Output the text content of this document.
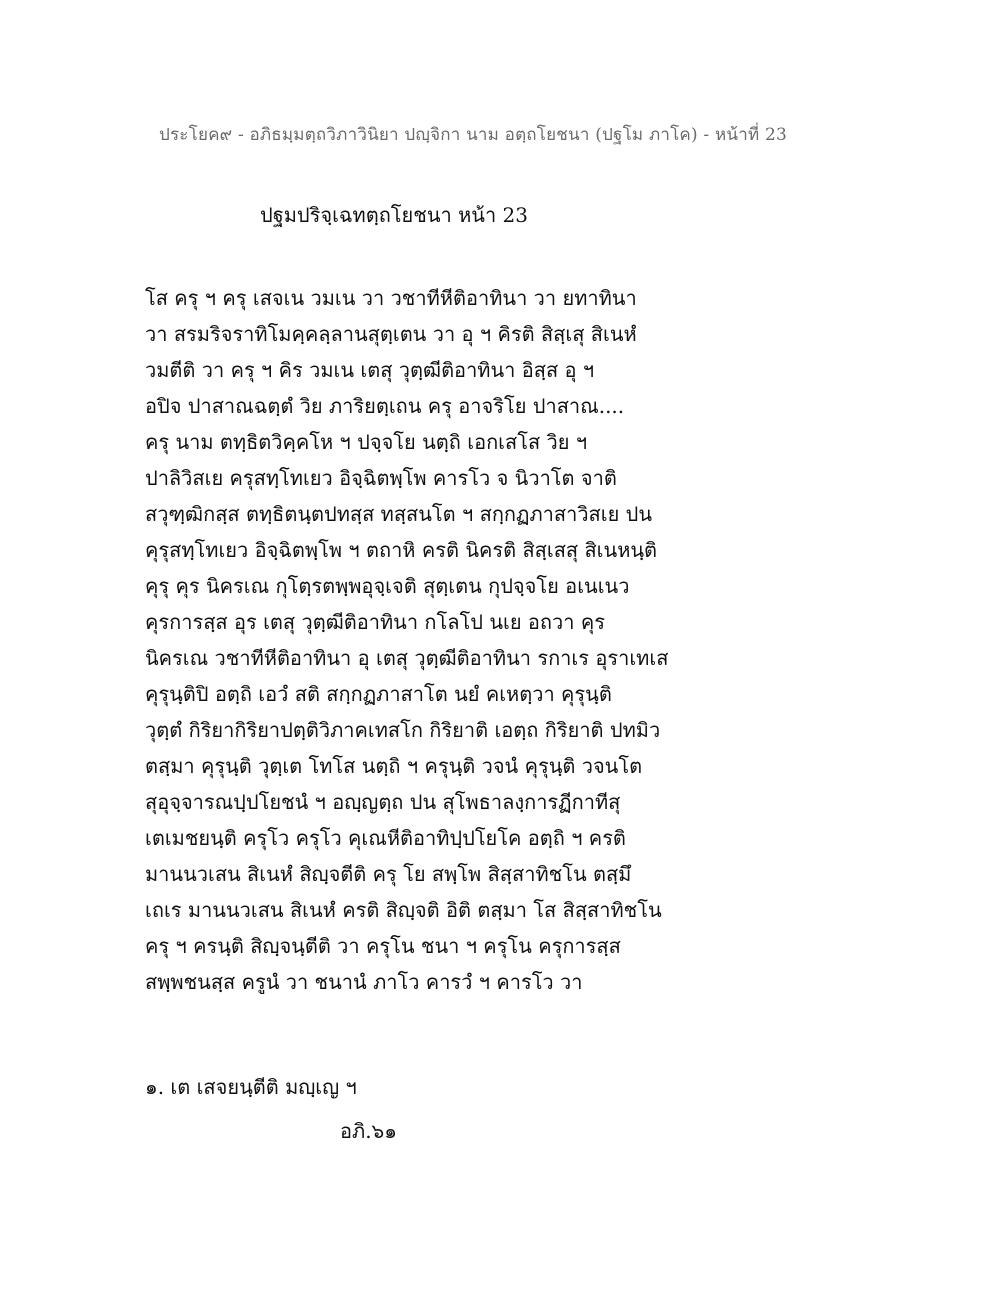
ประโยค๙ - อภิธมฺมตฺถวิภาวินิยา ปญฺจิกา นาม อตฺถโยชนา (ปฐโม ภาโค) - หน้าที่ 23
ปฐมปริจฺเฉทตฺถโยชนา หน้า 23
โส ครุ ฯ ครุ เสจเน วมเน วา วชาทีหีติอาทินา วา ยทาทินา
วา สรมริจราทิโมคฺคลฺลานสุตฺเตน วา อุ ฯ คิรติ สิสฺเสุ สิเนหํ
วมตีติ วา ครุ ฯ คิร วมเน เตสุ วุตฺฒีติอาทินา อิสฺส อุ ฯ
อปิจ ปาสาณฉตฺตํ วิย ภาริยตฺเถน ครุ อาจริโย ปาสาณ....
ครุ นาม ตทฺธิตวิคฺคโห ฯ ปจฺจโย นตฺถิ เอกเสโส วิย ฯ
ปาลิวิสเย ครุสทฺโทเยว อิจฺฉิตพฺโพ คารโว จ นิวาโต จาติ
สวุฑฺฒิกสฺส ตทฺธิตนฺตปทสฺส ทสฺสนโต ฯ สกฺกฏภาสาวิสเย ปน
คุรุสทฺโทเยว อิจฺฉิตพฺโพ ฯ ตถาหิ ครติ นิครติ สิสฺเสสุ สิเนหนฺติ
คุรุ คุร นิครเณ กุโตฺรตพฺพอุจฺเจติ สุตฺเตน กุปจฺจโย อเนเนว
คุรการสฺส อุร เตสุ วุตฺฒีติอาทินา กโลโป นเย อถวา คุร
นิครเณ วชาทีหีติอาทินา อุ เตสุ วุตฺฒีติอาทินา รกาเร อุราเทเส
คุรุนฺติปิ อตฺถิ เอวํ สติ สกฺกฏภาสาโต นยํ คเหตฺวา คุรุนฺติ
วุตฺตํ กิริยากิริยาปตฺติวิภาคเทสโก กิริยาติ เอตฺถ กิริยาติ ปทมิว
ตสฺมา คุรุนฺติ วุตฺเต โทโส นตฺถิ ฯ ครุนฺติ วจนํ คุรุนฺติ วจนโต
สุอุจฺจารณปฺปโยชนํ ฯ อญฺญตฺถ ปน สุโพธาลงฺการฏีกาทีสุ
เตเมชยนฺติ ครุโว ครุโว คุเณหีติอาทิปฺปโยโค อตฺถิ ฯ ครติ
มานนวเสน สิเนหํ สิญฺจตีติ ครุ โย สพฺโพ สิสฺสาทิชโน ตสฺมึ
เถเร มานนวเสน สิเนหํ ครติ สิญฺจติ อิติ ตสฺมา โส สิสฺสาทิชโน
ครุ ฯ ครนฺติ สิญฺจนฺตีติ วา ครุโน ชนา ฯ ครุโน ครุการสฺส
สพฺพชนสฺส ครูนํ วา ชนานํ ภาโว คารวํ ฯ คารโว วา
๑. เต เสจยนฺตีติ มญฺเญ ฯ
อภิ.๖๑
